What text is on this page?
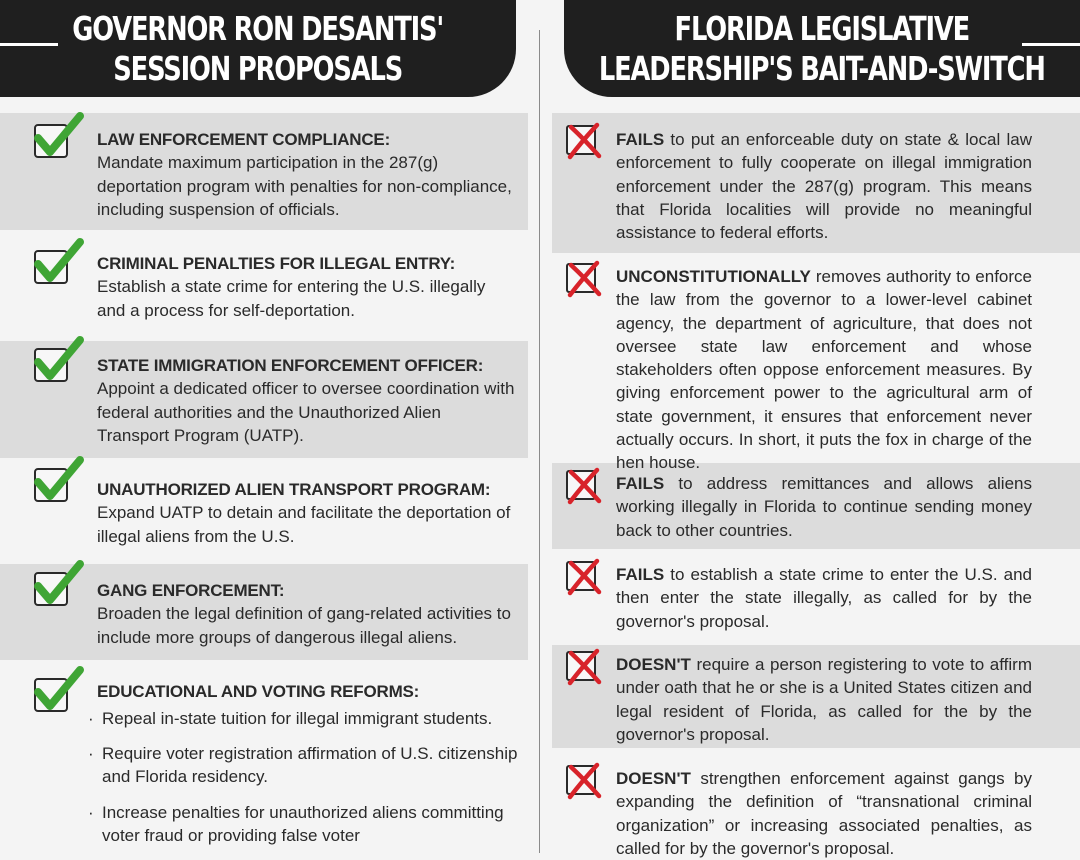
GOVERNOR RON DESANTIS'
SESSION PROPOSALS
FLORIDA LEGISLATIVE
LEADERSHIP'S BAIT-AND-SWITCH
LAW ENFORCEMENT COMPLIANCE:
Mandate maximum participation in the 287(g) deportation program with penalties for non-compliance, including suspension of officials.
CRIMINAL PENALTIES FOR ILLEGAL ENTRY:
Establish a state crime for entering the U.S. illegally and a process for self-deportation.
STATE IMMIGRATION ENFORCEMENT OFFICER:
Appoint a dedicated officer to oversee coordination with federal authorities and the Unauthorized Alien Transport Program (UATP).
UNAUTHORIZED ALIEN TRANSPORT PROGRAM:
Expand UATP to detain and facilitate the deportation of illegal aliens from the U.S.
GANG ENFORCEMENT:
Broaden the legal definition of gang-related activities to include more groups of dangerous illegal aliens.
EDUCATIONAL AND VOTING REFORMS:
· Repeal in-state tuition for illegal immigrant students.
· Require voter registration affirmation of U.S. citizenship and Florida residency.
· Increase penalties for unauthorized aliens committing voter fraud or providing false voter
FAILS to put an enforceable duty on state & local law enforcement to fully cooperate on illegal immigration enforcement under the 287(g) program. This means that Florida localities will provide no meaningful assistance to federal efforts.
UNCONSTITUTIONALLY removes authority to enforce the law from the governor to a lower-level cabinet agency, the department of agriculture, that does not oversee state law enforcement and whose stakeholders often oppose enforcement measures. By giving enforcement power to the agricultural arm of state government, it ensures that enforcement never actually occurs. In short, it puts the fox in charge of the hen house.
FAILS to address remittances and allows aliens working illegally in Florida to continue sending money back to other countries.
FAILS to establish a state crime to enter the U.S. and then enter the state illegally, as called for by the governor's proposal.
DOESN'T require a person registering to vote to affirm under oath that he or she is a United States citizen and legal resident of Florida, as called for the by the governor's proposal.
DOESN'T strengthen enforcement against gangs by expanding the definition of “transnational criminal organization” or increasing associated penalties, as called for by the governor's proposal.
